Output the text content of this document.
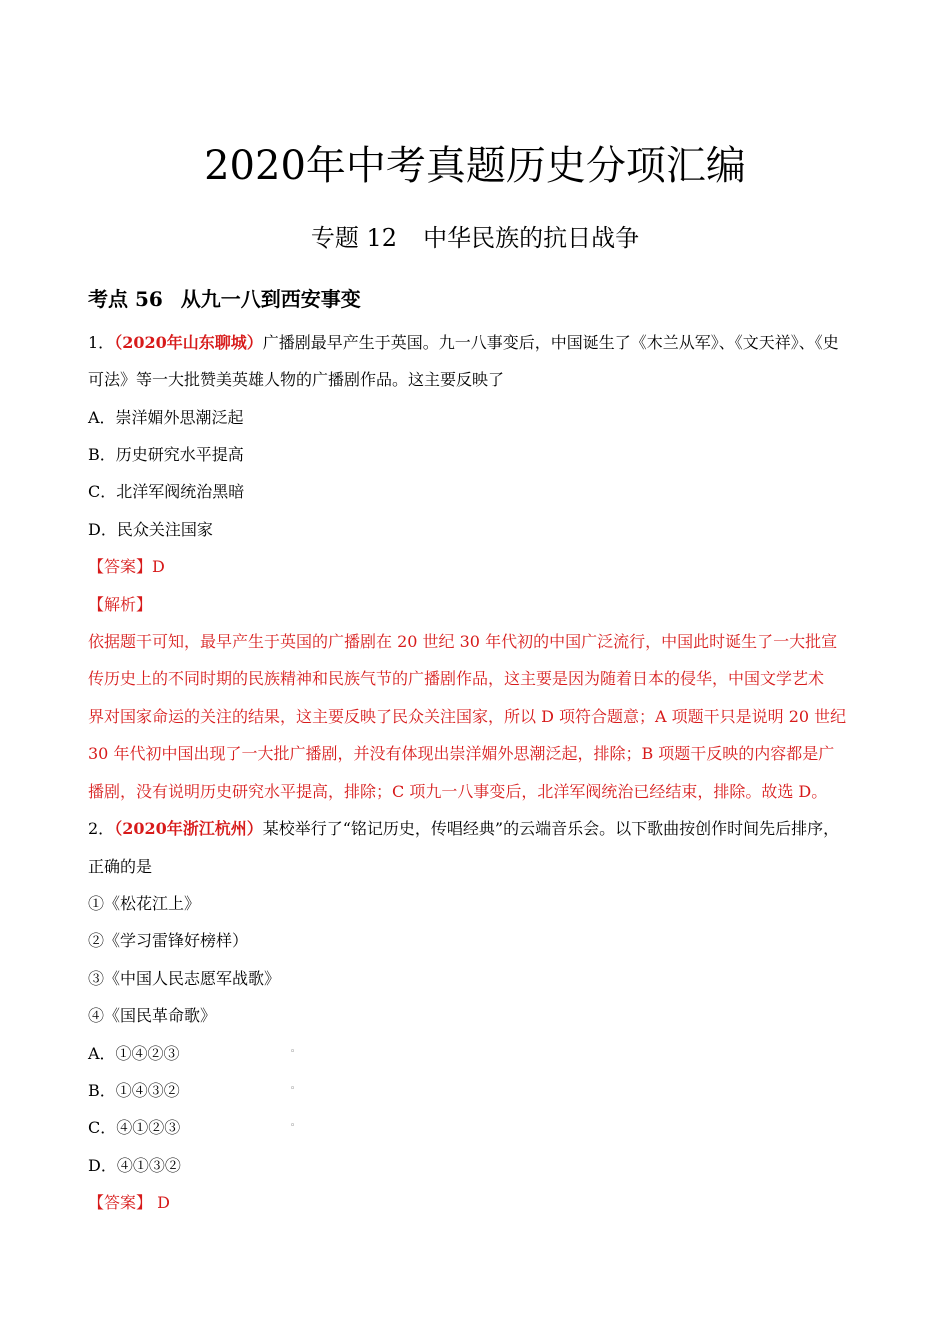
2020年中考真题历史分项汇编
专题 12 中华民族的抗日战争
考点 56 从九一八到西安事变
1．（2020年山东聊城）广播剧最早产生于英国。九一八事变后，中国诞生了《木兰从军》、《文天祥》、《史
可法》等一大批赞美英雄人物的广播剧作品。这主要反映了
A．崇洋媚外思潮泛起
B．历史研究水平提高
C．北洋军阀统治黑暗
D．民众关注国家
【答案】D
【解析】
依据题干可知，最早产生于英国的广播剧在 20 世纪 30 年代初的中国广泛流行，中国此时诞生了一大批宣
传历史上的不同时期的民族精神和民族气节的广播剧作品，这主要是因为随着日本的侵华，中国文学艺术
界对国家命运的关注的结果，这主要反映了民众关注国家，所以 D 项符合题意；A 项题干只是说明 20 世纪
30 年代初中国出现了一大批广播剧，并没有体现出崇洋媚外思潮泛起，排除；B 项题干反映的内容都是广
播剧，没有说明历史研究水平提高，排除；C 项九一八事变后，北洋军阀统治已经结束，排除。故选 D。
2．（2020年浙江杭州）某校举行了“铭记历史，传唱经典”的云端音乐会。以下歌曲按创作时间先后排序，
正确的是
①《松花江上》
②《学习雷锋好榜样）
③《中国人民志愿军战歌》
④《国民革命歌》
A．①④②③	◦
B．①④③②	◦
C．④①②③	◦
D．④①③②
【答案】 D
